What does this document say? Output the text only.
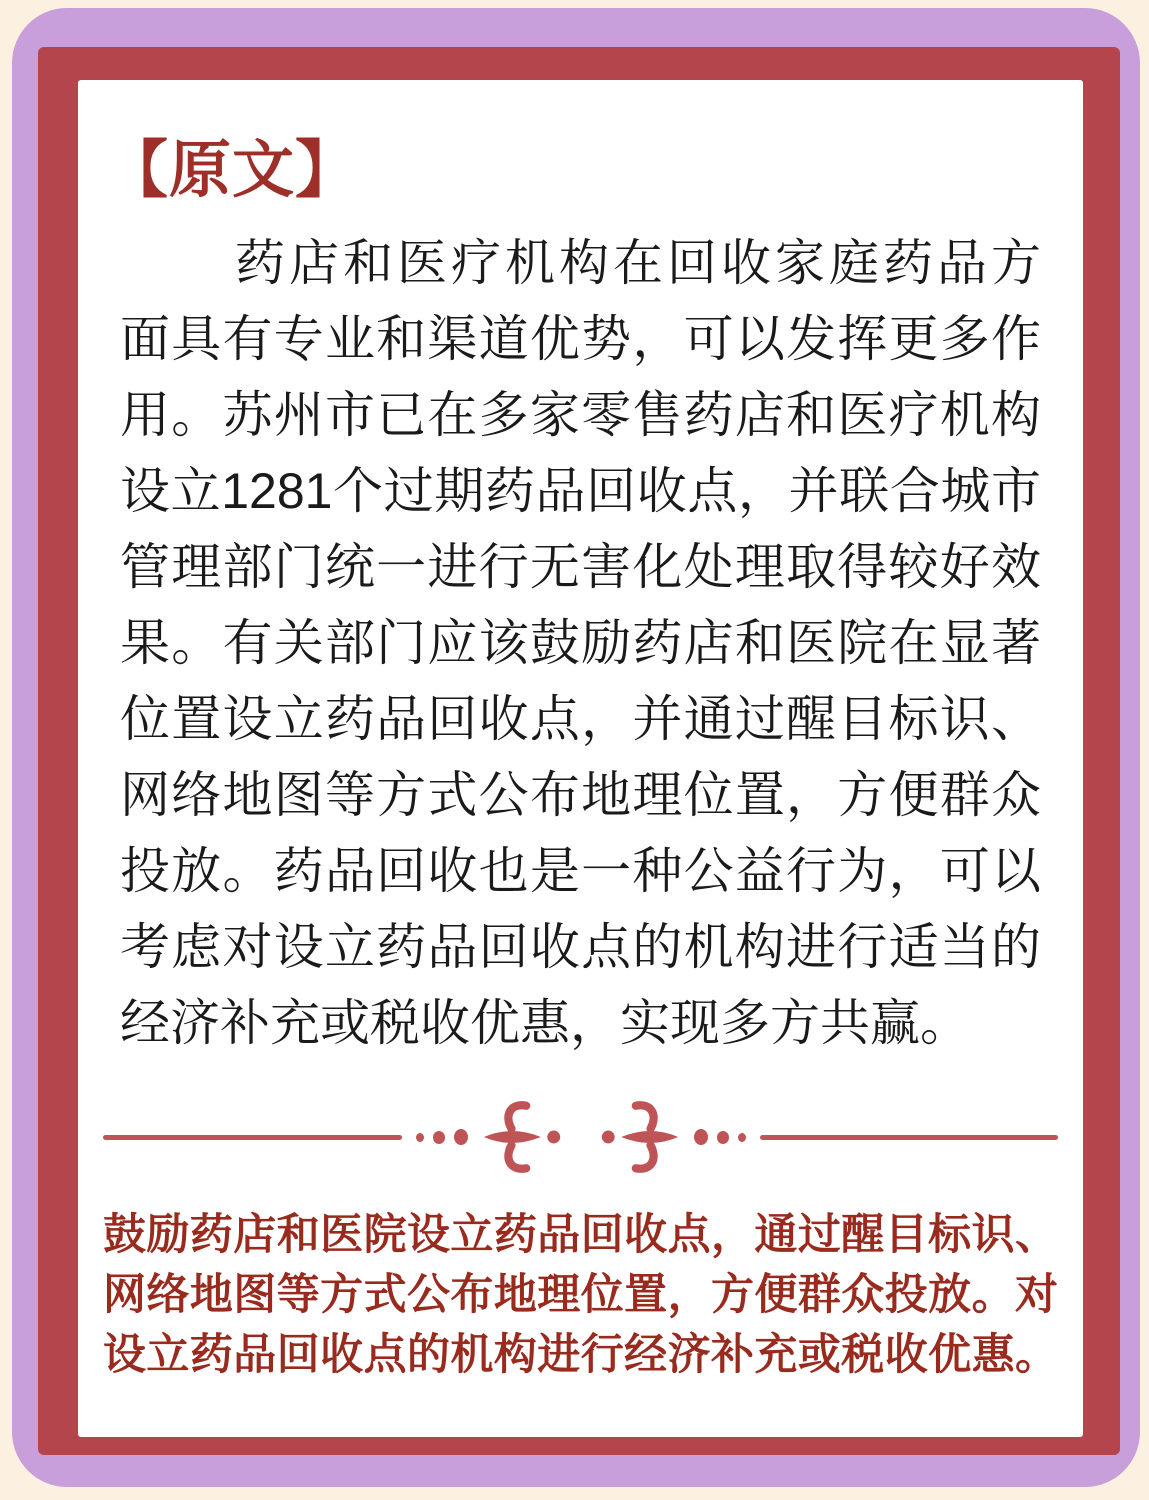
【原文】
药店和医疗机构在回收家庭药品方
面具有专业和渠道优势，可以发挥更多作
用。苏州市已在多家零售药店和医疗机构
设立1281个过期药品回收点，并联合城市
管理部门统一进行无害化处理取得较好效
果。有关部门应该鼓励药店和医院在显著
位置设立药品回收点，并通过醒目标识、
网络地图等方式公布地理位置，方便群众
投放。药品回收也是一种公益行为，可以
考虑对设立药品回收点的机构进行适当的
经济补充或税收优惠，实现多方共赢。
鼓励药店和医院设立药品回收点，通过醒目标识、
网络地图等方式公布地理位置，方便群众投放。对
设立药品回收点的机构进行经济补充或税收优惠。
